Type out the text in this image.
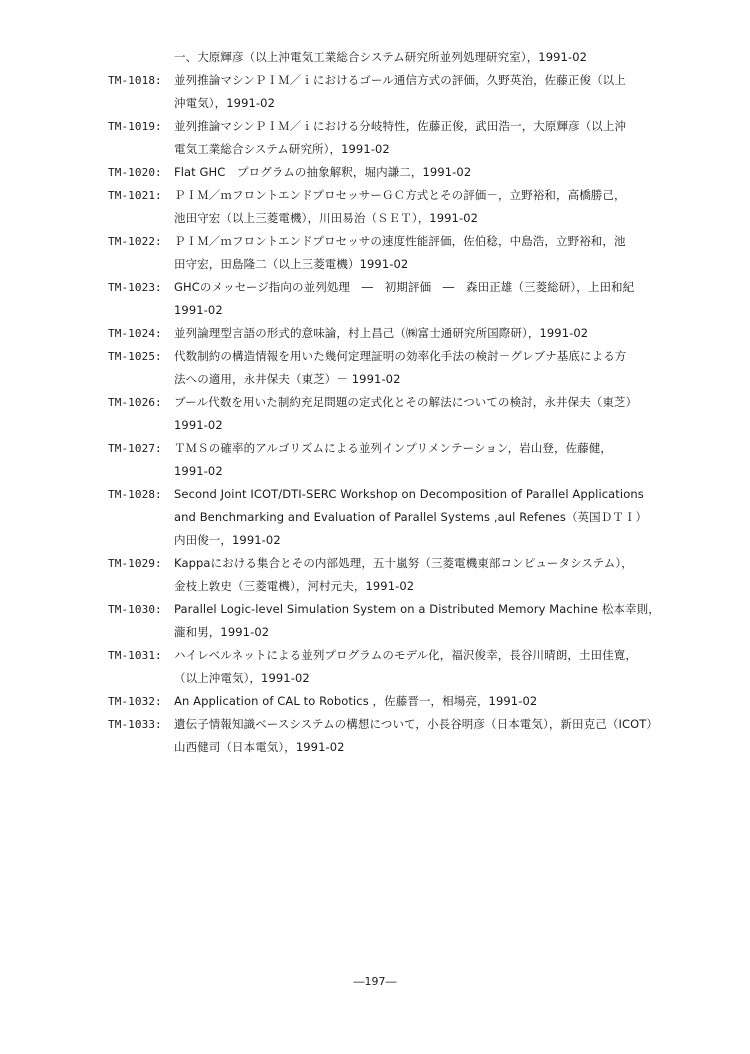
一、大原輝彦（以上沖電気工業総合システム研究所並列処理研究室），1991-02
TM-1018:	並列推論マシンＰＩＭ／ｉにおけるゴール通信方式の評価，久野英治，佐藤正俊（以上
沖電気），1991-02
TM-1019:	並列推論マシンＰＩＭ／ｉにおける分岐特性，佐藤正俊，武田浩一，大原輝彦（以上沖
電気工業総合システム研究所），1991-02
TM-1020:	Flat GHC　プログラムの抽象解釈，堀内謙二，1991-02
TM-1021:	ＰＩＭ／ｍフロントエンドプロセッサーＧＣ方式とその評価－，立野裕和，高橋勝己，
池田守宏（以上三菱電機），川田易治（ＳＥＴ），1991-02
TM-1022:	ＰＩＭ／ｍフロントエンドプロセッサの速度性能評価，佐伯稔，中島浩，立野裕和，池
田守宏，田島隆二（以上三菱電機）1991-02
TM-1023:	GHCのメッセージ指向の並列処理　―　初期評価　―　森田正雄（三菱総研），上田和紀
1991-02
TM-1024:	並列論理型言語の形式的意味論，村上昌己（㈱富士通研究所国際研），1991-02
TM-1025:	代数制約の構造情報を用いた幾何定理証明の効率化手法の検討－グレブナ基底による方
法への適用，永井保夫（東芝）－ 1991-02
TM-1026:	ブール代数を用いた制約充足問題の定式化とその解法についての検討，永井保夫（東芝）
1991-02
TM-1027:	ＴＭＳの確率的アルゴリズムによる並列インプリメンテーション，岩山登，佐藤健，
1991-02
TM-1028:	Second Joint ICOT/DTI-SERC Workshop on Decomposition of Parallel Applications
and Benchmarking and Evaluation of Parallel Systems ,aul Refenes（英国ＤＴＩ）
内田俊一，1991-02
TM-1029:	Kappaにおける集合とその内部処理，五十嵐努（三菱電機東部コンピュータシステム），
金枝上敦史（三菱電機），河村元夫，1991-02
TM-1030:	Parallel Logic-level Simulation System on a Distributed Memory Machine 松本幸則，
瀧和男，1991-02
TM-1031:	ハイレベルネットによる並列プログラムのモデル化，福沢俊幸，長谷川晴朗，土田佳寛，
（以上沖電気），1991-02
TM-1032:	An Application of CAL to Robotics ，佐藤晋一，相場亮，1991-02
TM-1033:	遺伝子情報知識ベースシステムの構想について，小長谷明彦（日本電気），新田克己（ICOT）
山西健司（日本電気），1991-02
―197―
